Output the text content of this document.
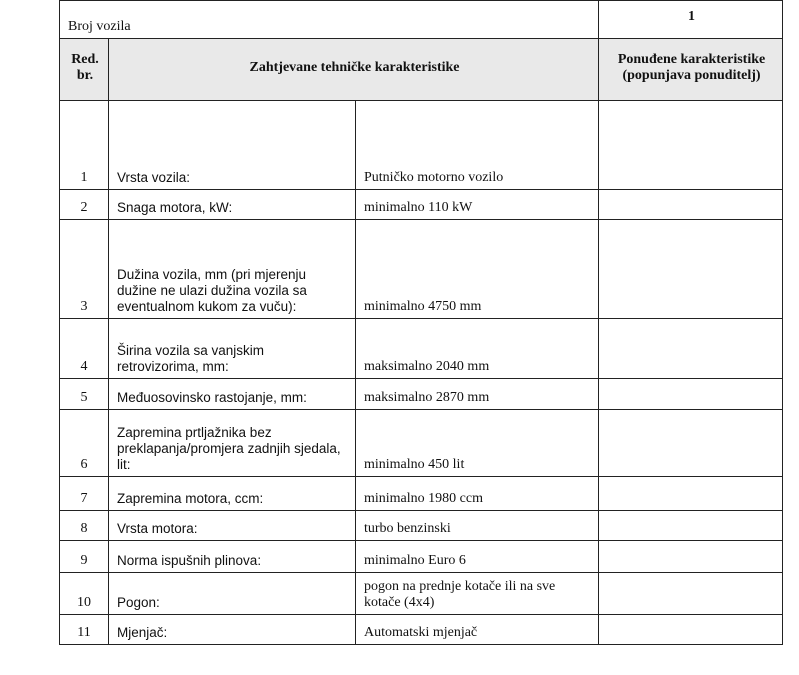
Broj vozila			1
Red. br.	Zahtjevane tehničke karakteristike		Ponuđene karakteristike (popunjava ponuditelj)
1	Vrsta vozila:	Putničko motorno vozilo	
2	Snaga motora, kW:	minimalno 110 kW	
3	Dužina vozila, mm (pri mjerenju dužine ne ulazi dužina vozila sa eventualnom kukom za vuču):	minimalno 4750 mm	
4	Širina vozila sa vanjskim retrovizorima, mm:	maksimalno 2040 mm	
5	Međuosovinsko rastojanje, mm:	maksimalno 2870 mm	
6	Zapremina prtljažnika bez preklapanja/promjera zadnjih sjedala, lit:	minimalno 450 lit	
7	Zapremina motora, ccm:	minimalno 1980 ccm	
8	Vrsta motora:	turbo benzinski	
9	Norma ispušnih plinova:	minimalno Euro 6	
10	Pogon:	pogon na prednje kotače ili na sve kotače (4x4)	
11	Mjenjač:	Automatski mjenjač	
